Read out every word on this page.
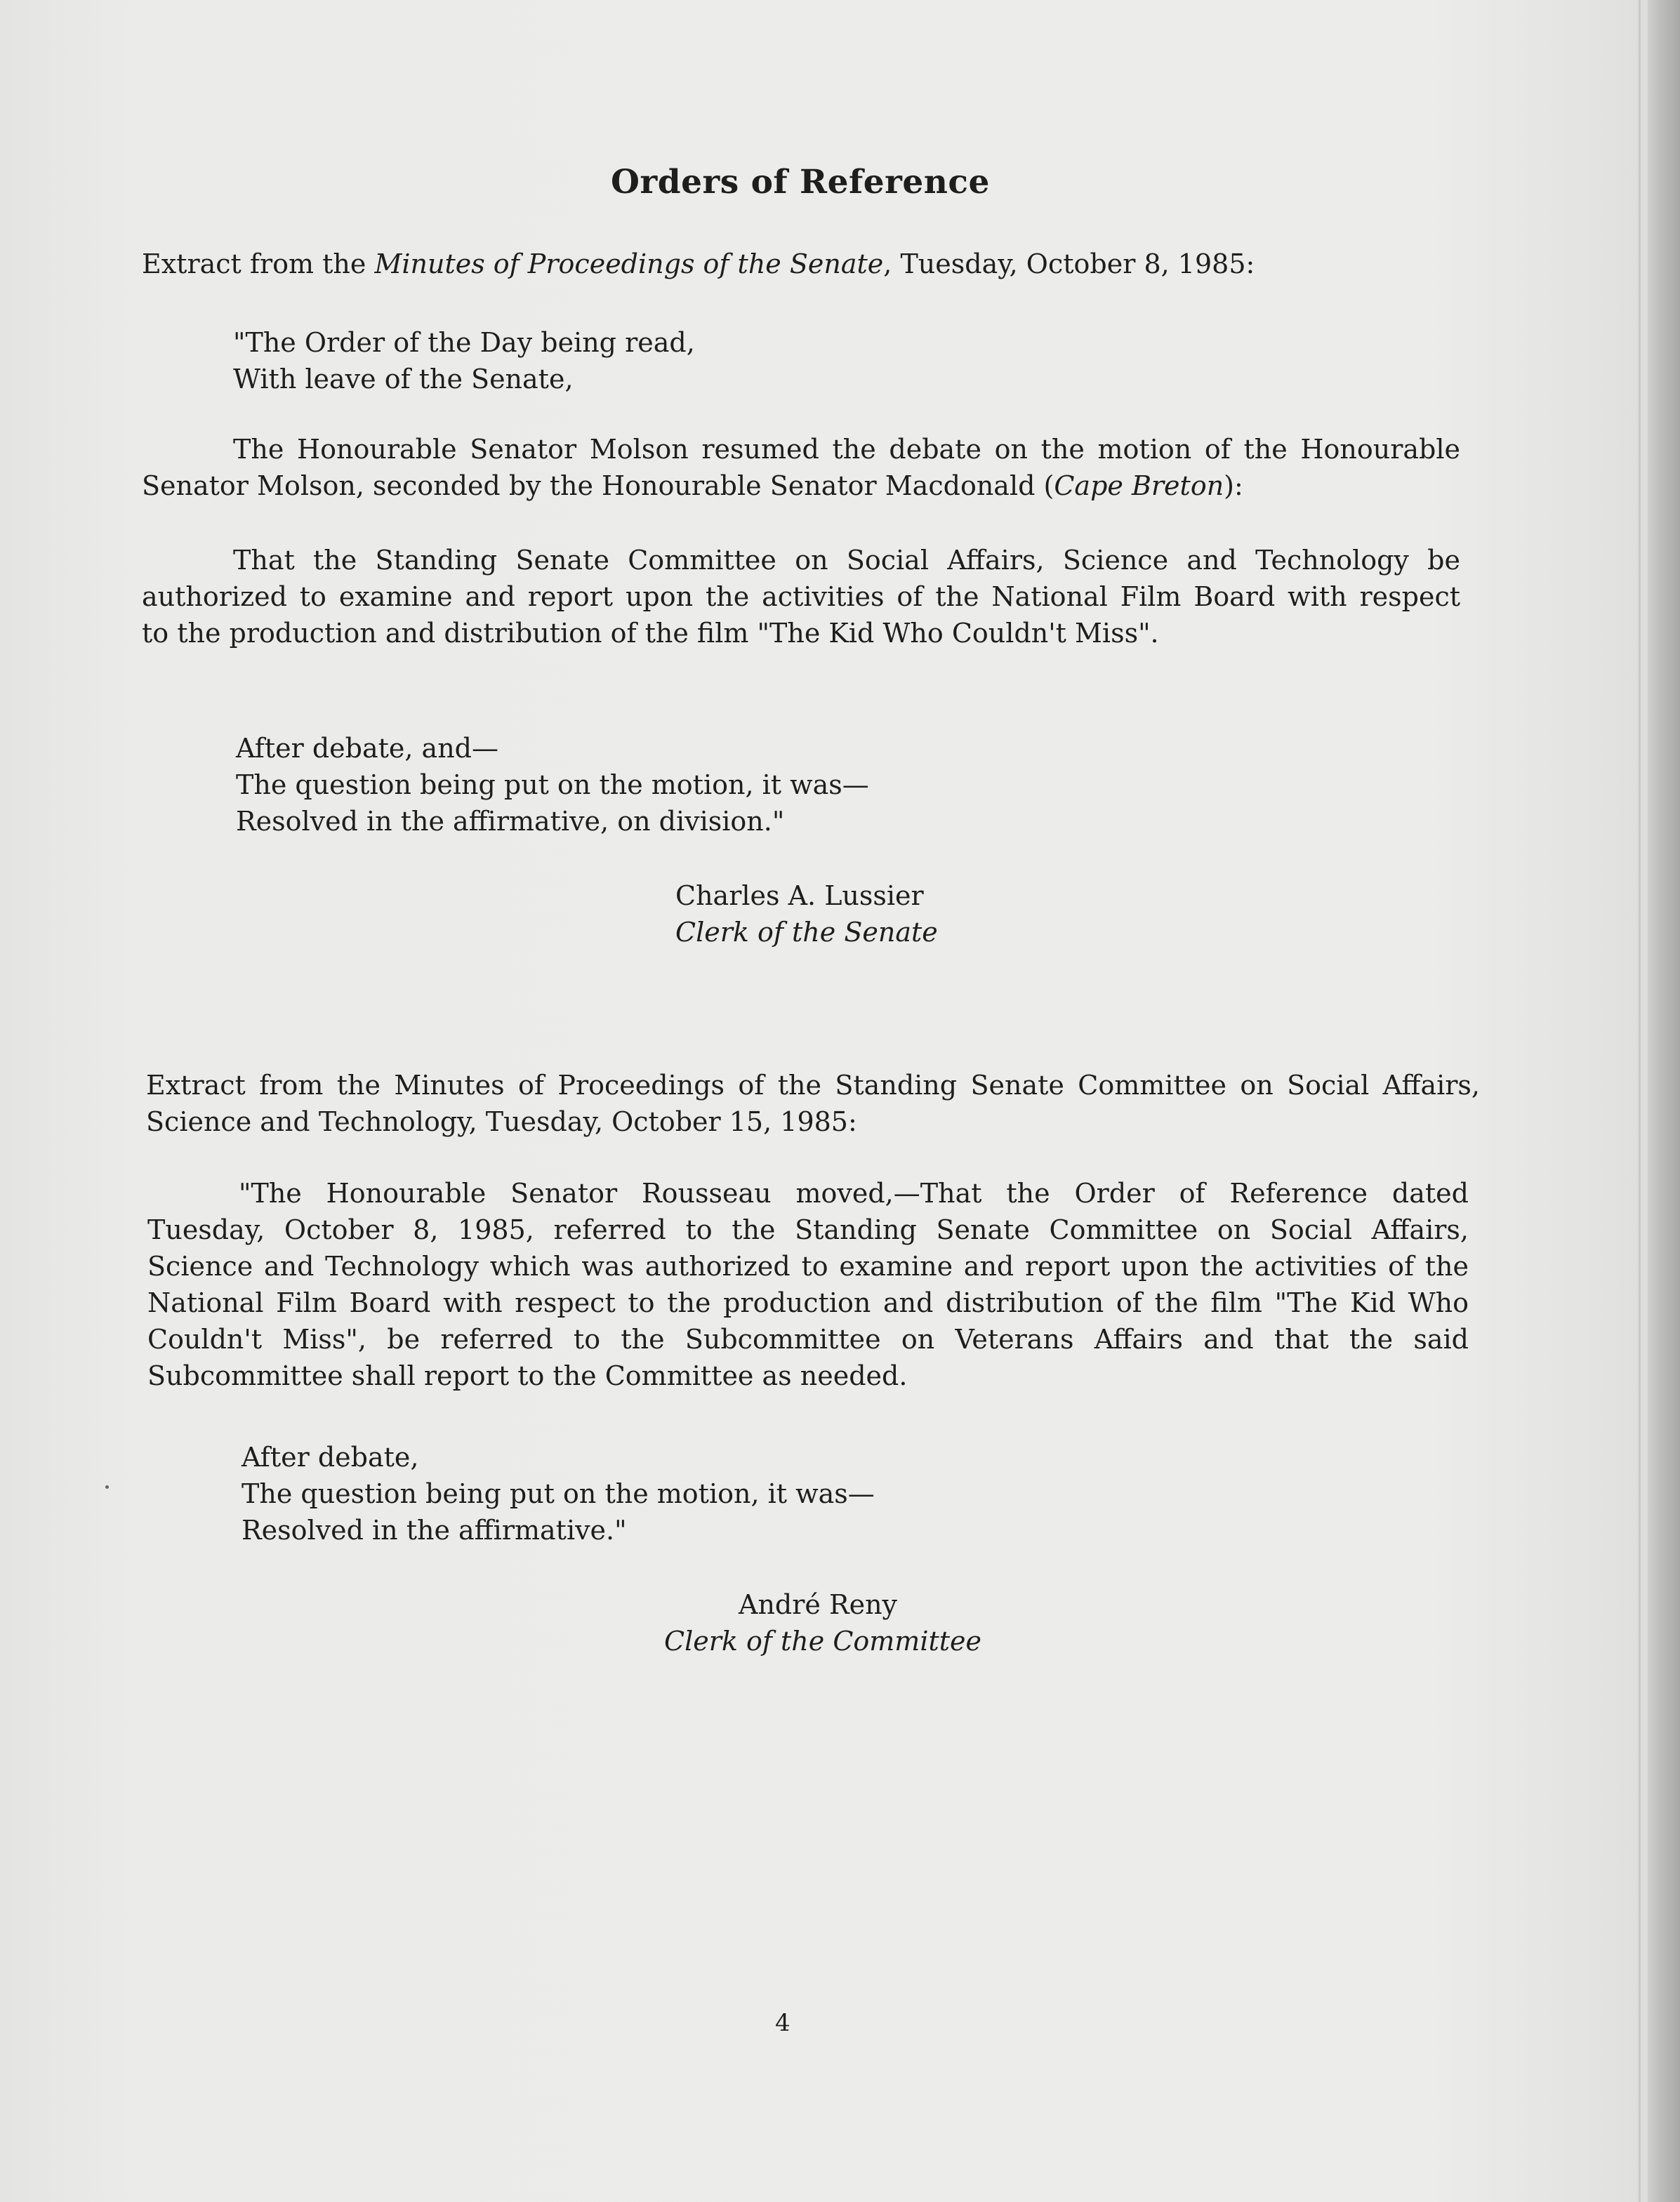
Orders of Reference
Extract from the Minutes of Proceedings of the Senate, Tuesday, October 8, 1985:
"The Order of the Day being read,
With leave of the Senate,
The Honourable Senator Molson resumed the debate on the motion of the Honourable
Senator Molson, seconded by the Honourable Senator Macdonald (Cape Breton):
That the Standing Senate Committee on Social Affairs, Science and Technology be
authorized to examine and report upon the activities of the National Film Board with respect
to the production and distribution of the film "The Kid Who Couldn't Miss".
After debate, and—
The question being put on the motion, it was—
Resolved in the affirmative, on division."
Charles A. Lussier
Clerk of the Senate
Extract from the Minutes of Proceedings of the Standing Senate Committee on Social Affairs,
Science and Technology, Tuesday, October 15, 1985:
"The Honourable Senator Rousseau moved,—That the Order of Reference dated
Tuesday, October 8, 1985, referred to the Standing Senate Committee on Social Affairs,
Science and Technology which was authorized to examine and report upon the activities of the
National Film Board with respect to the production and distribution of the film "The Kid Who
Couldn't Miss", be referred to the Subcommittee on Veterans Affairs and that the said
Subcommittee shall report to the Committee as needed.
After debate,
The question being put on the motion, it was—
Resolved in the affirmative."
André Reny
Clerk of the Committee
4
